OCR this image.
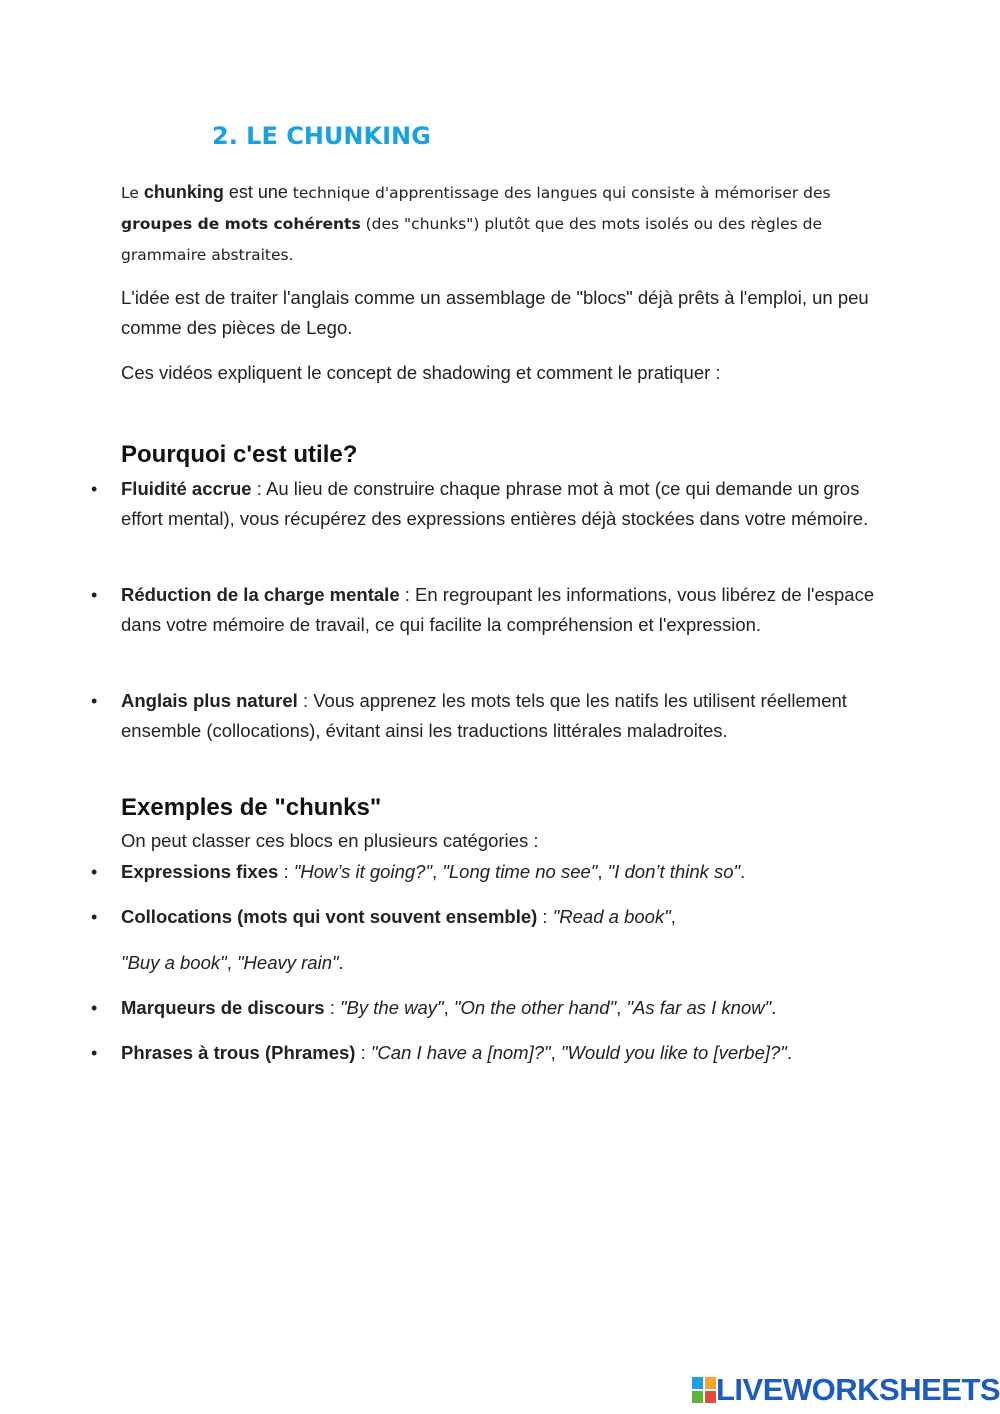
2. LE CHUNKING

Le chunking est une technique d'apprentissage des langues qui consiste à mémoriser des groupes de mots cohérents (des "chunks") plutôt que des mots isolés ou des règles de grammaire abstraites.

L'idée est de traiter l'anglais comme un assemblage de "blocs" déjà prêts à l'emploi, un peu comme des pièces de Lego.

Ces vidéos expliquent le concept de shadowing et comment le pratiquer :

Pourquoi c'est utile?
• Fluidité accrue : Au lieu de construire chaque phrase mot à mot (ce qui demande un gros effort mental), vous récupérez des expressions entières déjà stockées dans votre mémoire.
• Réduction de la charge mentale : En regroupant les informations, vous libérez de l'espace dans votre mémoire de travail, ce qui facilite la compréhension et l'expression.
• Anglais plus naturel : Vous apprenez les mots tels que les natifs les utilisent réellement ensemble (collocations), évitant ainsi les traductions littérales maladroites.
Exemples de "chunks"

On peut classer ces blocs en plusieurs catégories :

• Expressions fixes : "How’s it going?", "Long time no see", "I don’t think so".
• Collocations (mots qui vont souvent ensemble) : "Read a book",
"Buy a book", "Heavy rain".
• Marqueurs de discours : "By the way", "On the other hand", "As far as I know".
• Phrases à trous (Phrames) : "Can I have a [nom]?", "Would you like to [verbe]?".
LIVEWORKSHEETS
